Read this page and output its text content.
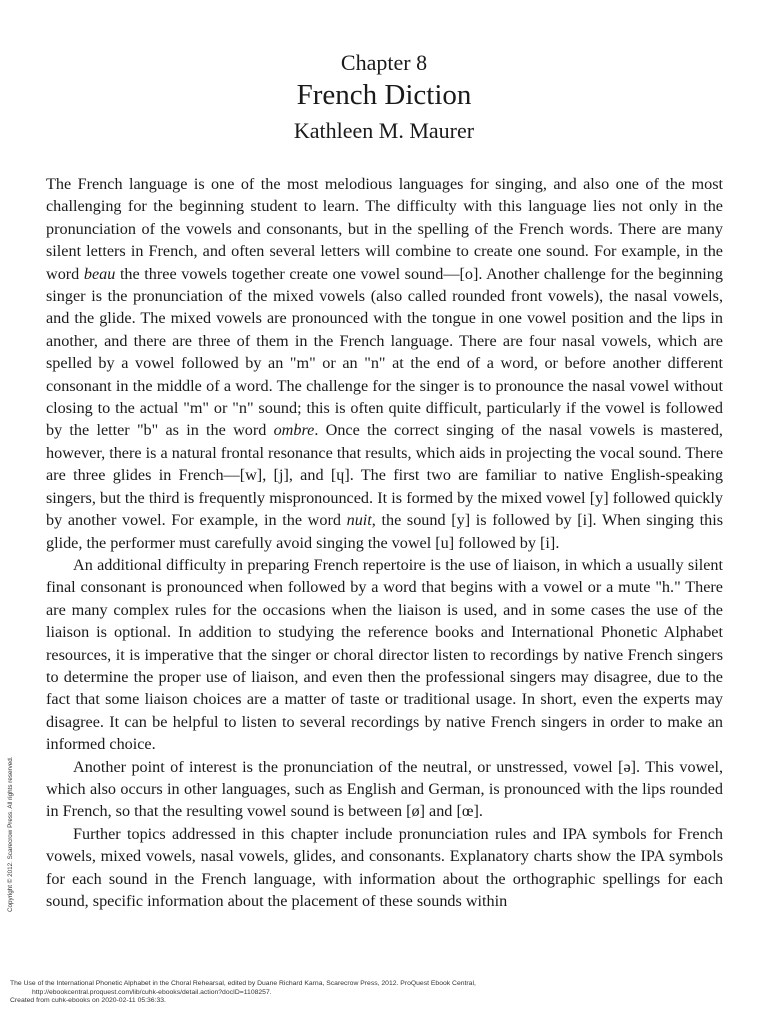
Chapter 8
French Diction
Kathleen M. Maurer

The French language is one of the most melodious languages for singing, and also one of the most challenging for the beginning student to learn. The difficulty with this language lies not only in the pronunciation of the vowels and consonants, but in the spelling of the French words. There are many silent letters in French, and often several letters will combine to create one sound. For example, in the word beau the three vowels together create one vowel sound—[o]. Another challenge for the beginning singer is the pronunciation of the mixed vowels (also called rounded front vowels), the nasal vowels, and the glide. The mixed vowels are pronounced with the tongue in one vowel position and the lips in another, and there are three of them in the French language. There are four nasal vowels, which are spelled by a vowel followed by an "m" or an "n" at the end of a word, or before another different consonant in the middle of a word. The challenge for the singer is to pronounce the nasal vowel without closing to the actual "m" or "n" sound; this is often quite difficult, particularly if the vowel is followed by the letter "b" as in the word ombre. Once the correct singing of the nasal vowels is mastered, however, there is a natural frontal resonance that results, which aids in projecting the vocal sound. There are three glides in French—[w], [j], and [ɥ]. The first two are familiar to native English-speaking singers, but the third is frequently mispronounced. It is formed by the mixed vowel [y] followed quickly by another vowel. For example, in the word nuit, the sound [y] is followed by [i]. When singing this glide, the performer must carefully avoid singing the vowel [u] followed by [i].

An additional difficulty in preparing French repertoire is the use of liaison, in which a usually silent final consonant is pronounced when followed by a word that begins with a vowel or a mute "h." There are many complex rules for the occasions when the liaison is used, and in some cases the use of the liaison is optional. In addition to studying the reference books and International Phonetic Alphabet resources, it is imperative that the singer or choral director listen to recordings by native French singers to determine the proper use of liaison, and even then the professional singers may disagree, due to the fact that some liaison choices are a matter of taste or traditional usage. In short, even the experts may disagree. It can be helpful to listen to several recordings by native French singers in order to make an informed choice.

Another point of interest is the pronunciation of the neutral, or unstressed, vowel [ə]. This vowel, which also occurs in other languages, such as English and German, is pronounced with the lips rounded in French, so that the resulting vowel sound is between [ø] and [œ].

Further topics addressed in this chapter include pronunciation rules and IPA symbols for French vowels, mixed vowels, nasal vowels, glides, and consonants. Explanatory charts show the IPA symbols for each sound in the French language, with information about the orthographic spellings for each sound, specific information about the placement of these sounds within

Copyright © 2012. Scarecrow Press. All rights reserved.
The Use of the International Phonetic Alphabet in the Choral Rehearsal, edited by Duane Richard Karna, Scarecrow Press, 2012. ProQuest Ebook Central,
http://ebookcentral.proquest.com/lib/cuhk-ebooks/detail.action?docID=1108257.
Created from cuhk-ebooks on 2020-02-11 05:36:33.
